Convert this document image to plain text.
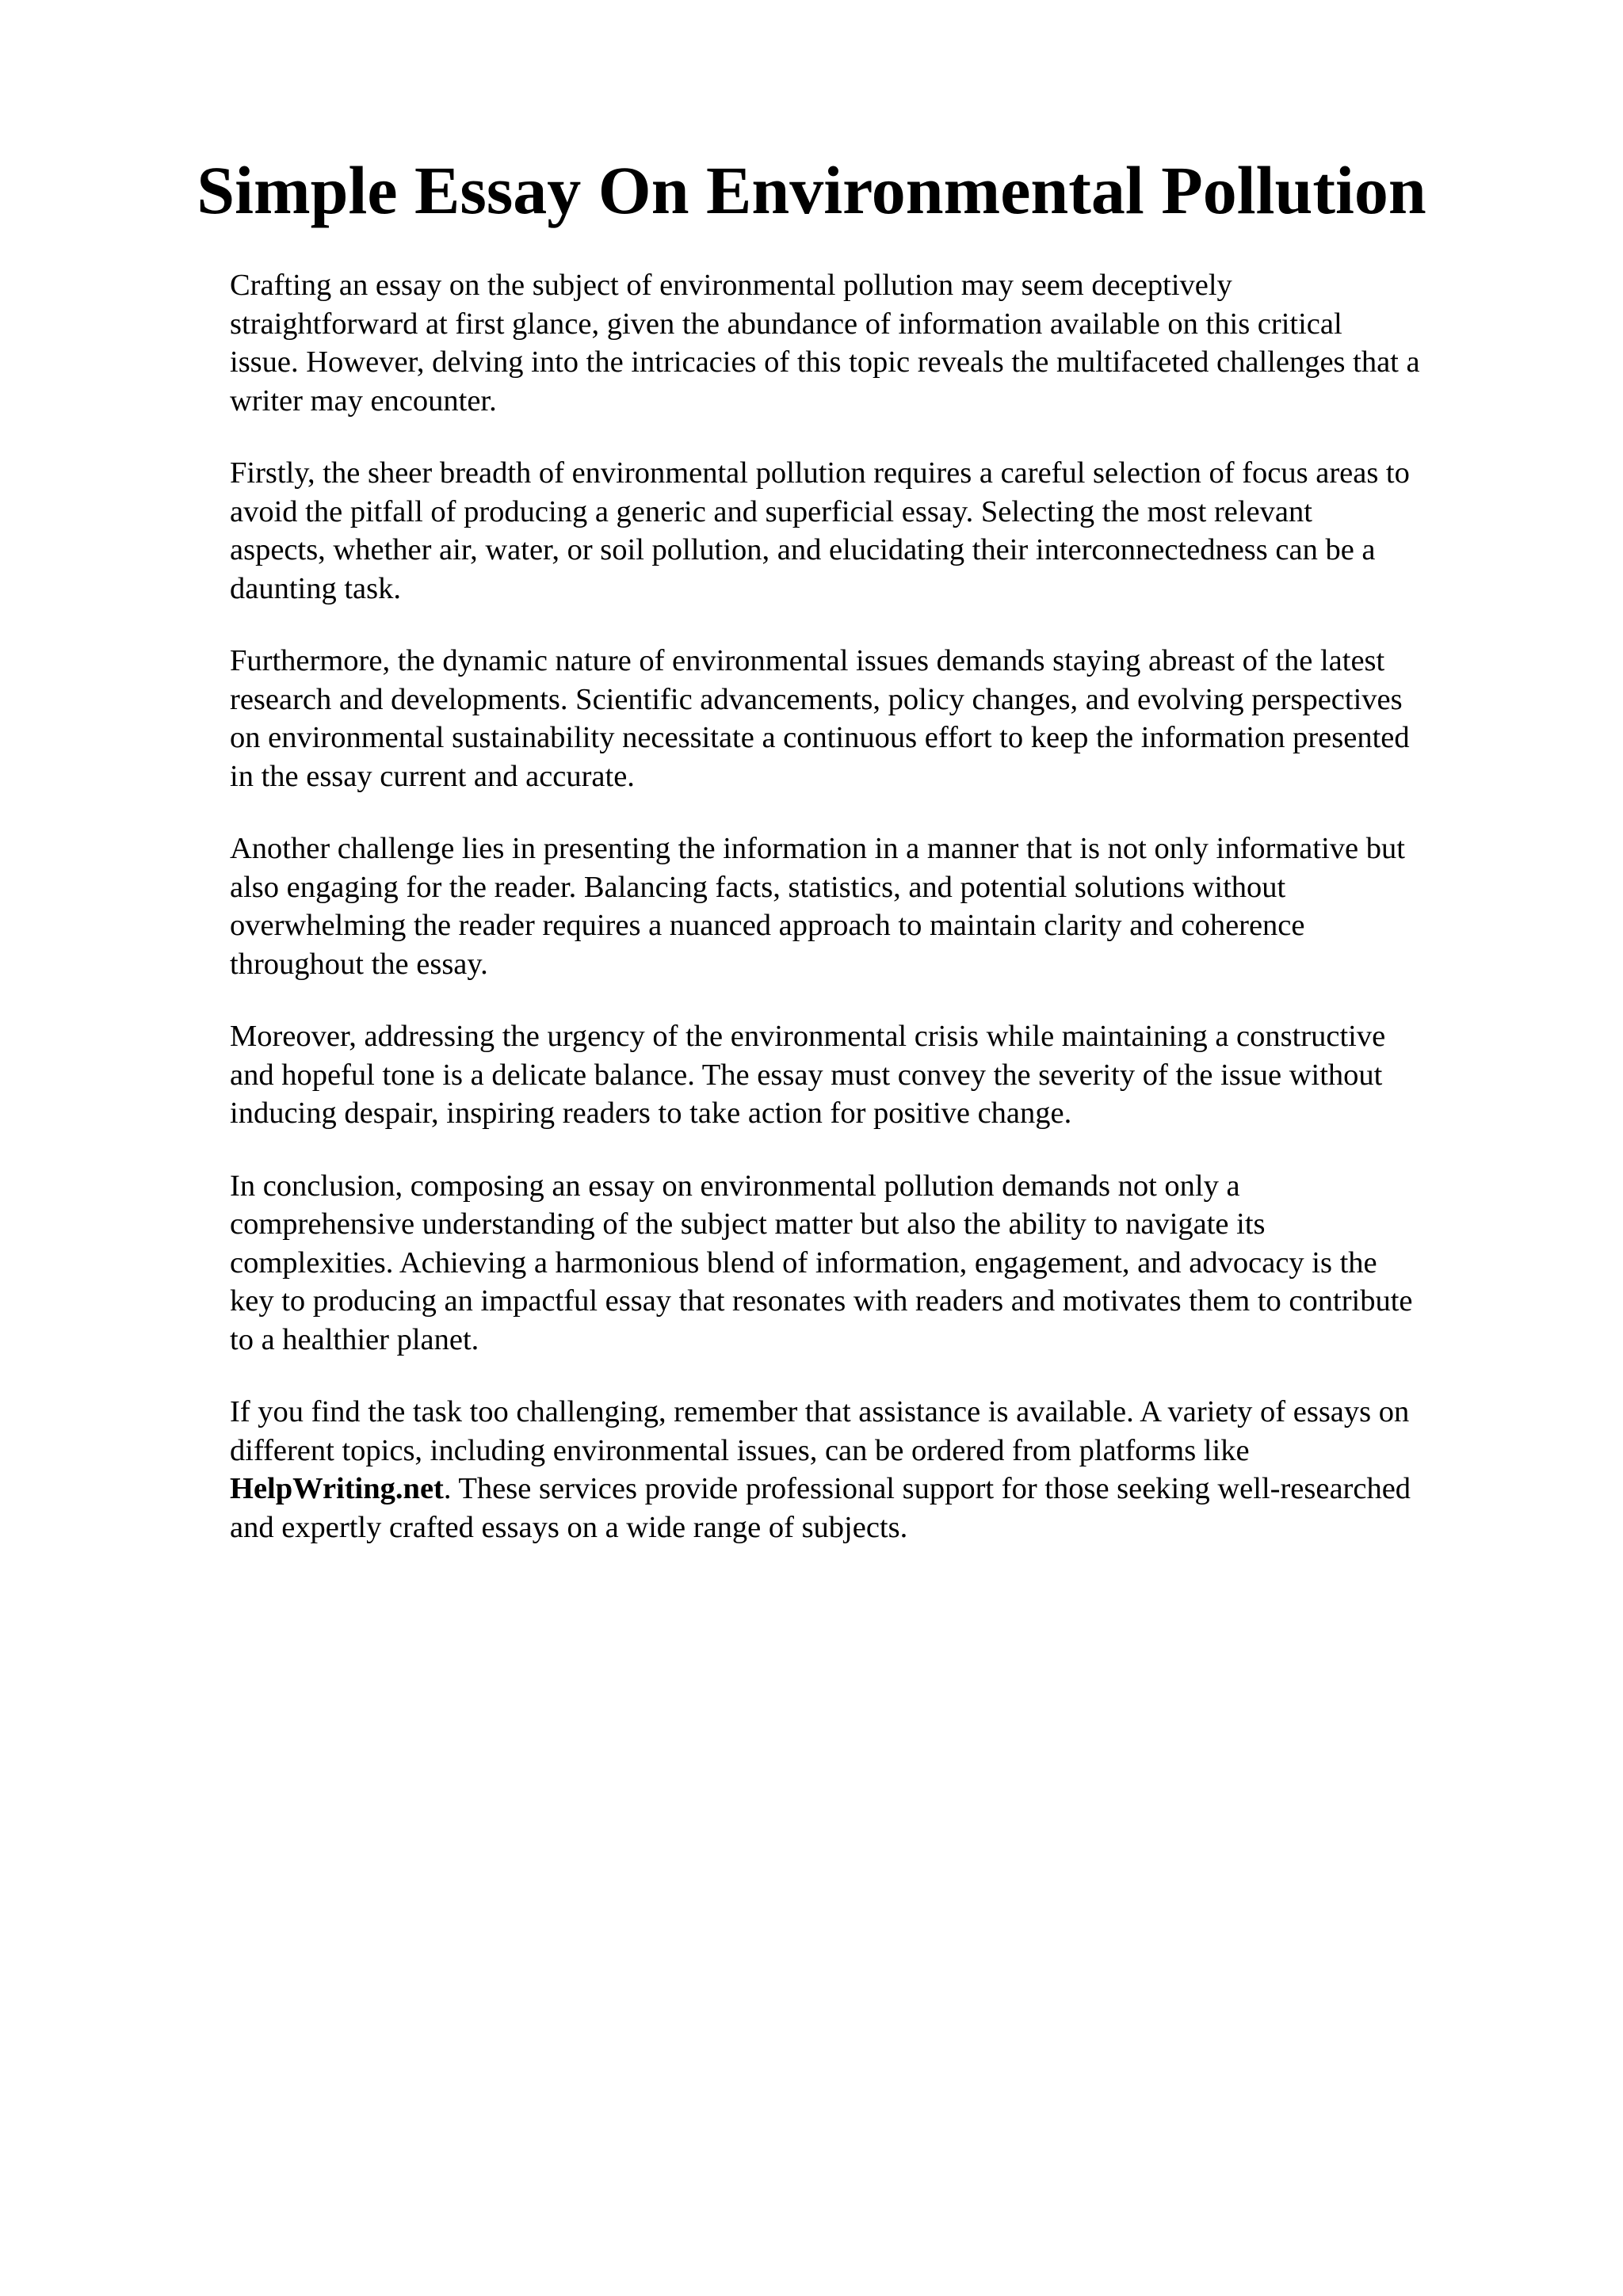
Simple Essay On Environmental Pollution

Crafting an essay on the subject of environmental pollution may seem deceptively
straightforward at first glance, given the abundance of information available on this critical
issue. However, delving into the intricacies of this topic reveals the multifaceted challenges that a
writer may encounter.

Firstly, the sheer breadth of environmental pollution requires a careful selection of focus areas to
avoid the pitfall of producing a generic and superficial essay. Selecting the most relevant
aspects, whether air, water, or soil pollution, and elucidating their interconnectedness can be a
daunting task.

Furthermore, the dynamic nature of environmental issues demands staying abreast of the latest
research and developments. Scientific advancements, policy changes, and evolving perspectives
on environmental sustainability necessitate a continuous effort to keep the information presented
in the essay current and accurate.

Another challenge lies in presenting the information in a manner that is not only informative but
also engaging for the reader. Balancing facts, statistics, and potential solutions without
overwhelming the reader requires a nuanced approach to maintain clarity and coherence
throughout the essay.

Moreover, addressing the urgency of the environmental crisis while maintaining a constructive
and hopeful tone is a delicate balance. The essay must convey the severity of the issue without
inducing despair, inspiring readers to take action for positive change.

In conclusion, composing an essay on environmental pollution demands not only a
comprehensive understanding of the subject matter but also the ability to navigate its
complexities. Achieving a harmonious blend of information, engagement, and advocacy is the
key to producing an impactful essay that resonates with readers and motivates them to contribute
to a healthier planet.

If you find the task too challenging, remember that assistance is available. A variety of essays on
different topics, including environmental issues, can be ordered from platforms like
HelpWriting.net. These services provide professional support for those seeking well-researched
and expertly crafted essays on a wide range of subjects.
